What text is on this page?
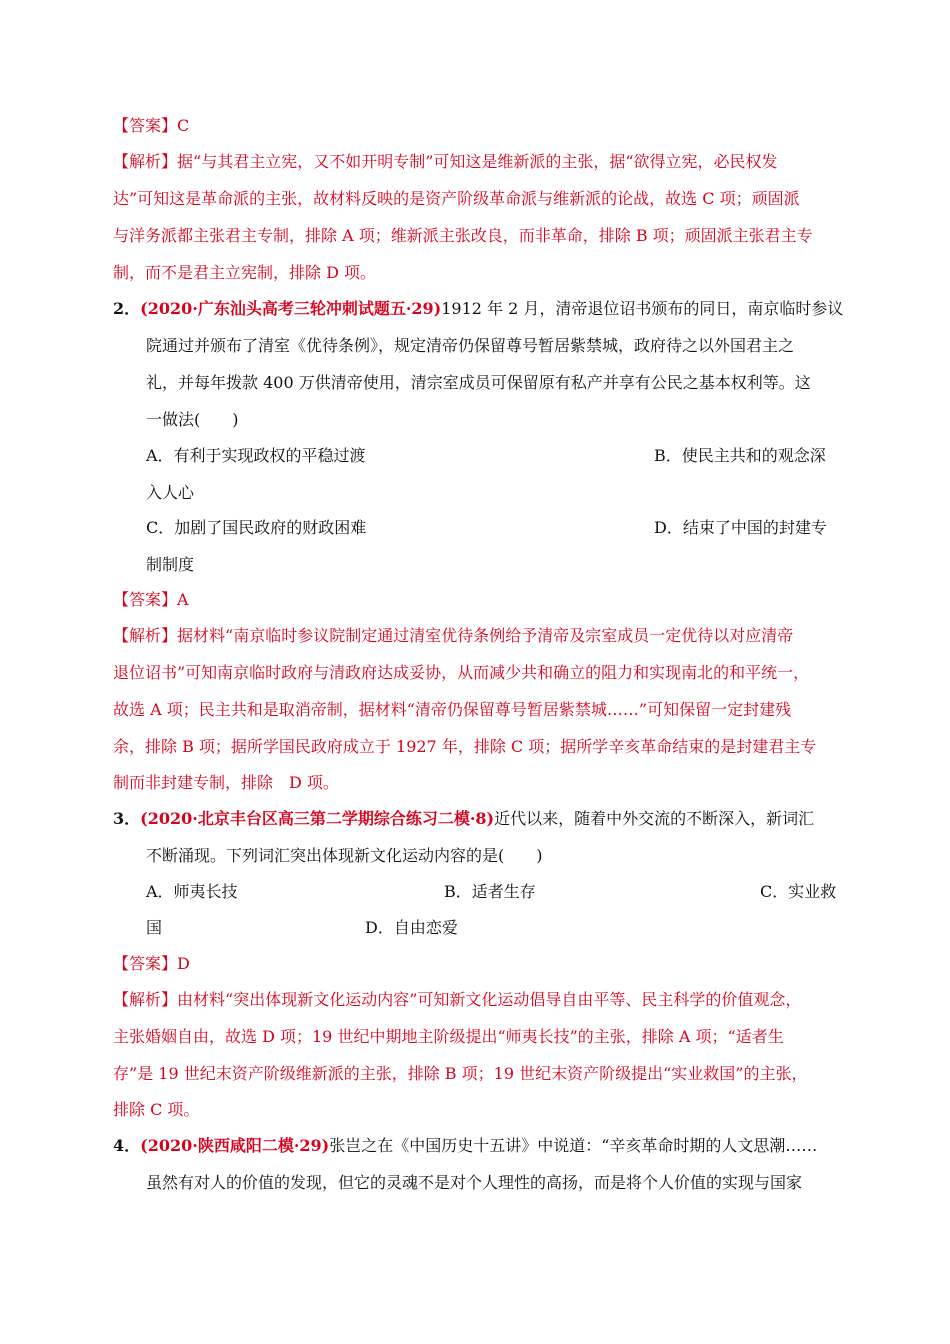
【答案】C
【解析】据“与其君主立宪，又不如开明专制”可知这是维新派的主张，据“欲得立宪，必民权发
达”可知这是革命派的主张，故材料反映的是资产阶级革命派与维新派的论战，故选 C 项；顽固派
与洋务派都主张君主专制，排除 A 项；维新派主张改良，而非革命，排除 B 项；顽固派主张君主专
制，而不是君主立宪制，排除 D 项。
2．(2020·广东汕头高考三轮冲刺试题五·29)1912 年 2 月，清帝退位诏书颁布的同日，南京临时参议
院通过并颁布了清室《优待条例》，规定清帝仍保留尊号暂居紫禁城，政府待之以外国君主之
礼，并每年拨款 400 万供清帝使用，清宗室成员可保留原有私产并享有公民之基本权利等。这
一做法(　　)
A．有利于实现政权的平稳过渡	B．使民主共和的观念深
入人心
C．加剧了国民政府的财政困难	D．结束了中国的封建专
制制度
【答案】A
【解析】据材料“南京临时参议院制定通过清室优待条例给予清帝及宗室成员一定优待以对应清帝
退位诏书”可知南京临时政府与清政府达成妥协，从而减少共和确立的阻力和实现南北的和平统一，
故选 A 项；民主共和是取消帝制，据材料“清帝仍保留尊号暂居紫禁城……”可知保留一定封建残
余，排除 B 项；据所学国民政府成立于 1927 年，排除 C 项；据所学辛亥革命结束的是封建君主专
制而非封建专制，排除　D 项。
3．(2020·北京丰台区高三第二学期综合练习二模·8)近代以来，随着中外交流的不断深入，新词汇
不断涌现。下列词汇突出体现新文化运动内容的是(　　)
A．师夷长技	B．适者生存	C．实业救
国	D．自由恋爱
【答案】D
【解析】由材料“突出体现新文化运动内容”可知新文化运动倡导自由平等、民主科学的价值观念，
主张婚姻自由，故选 D 项；19 世纪中期地主阶级提出“师夷长技”的主张，排除 A 项；“适者生
存”是 19 世纪末资产阶级维新派的主张，排除 B 项；19 世纪末资产阶级提出“实业救国”的主张，
排除 C 项。
4．(2020·陕西咸阳二模·29)张岂之在《中国历史十五讲》中说道：“辛亥革命时期的人文思潮……
虽然有对人的价值的发现，但它的灵魂不是对个人理性的高扬，而是将个人价值的实现与国家
